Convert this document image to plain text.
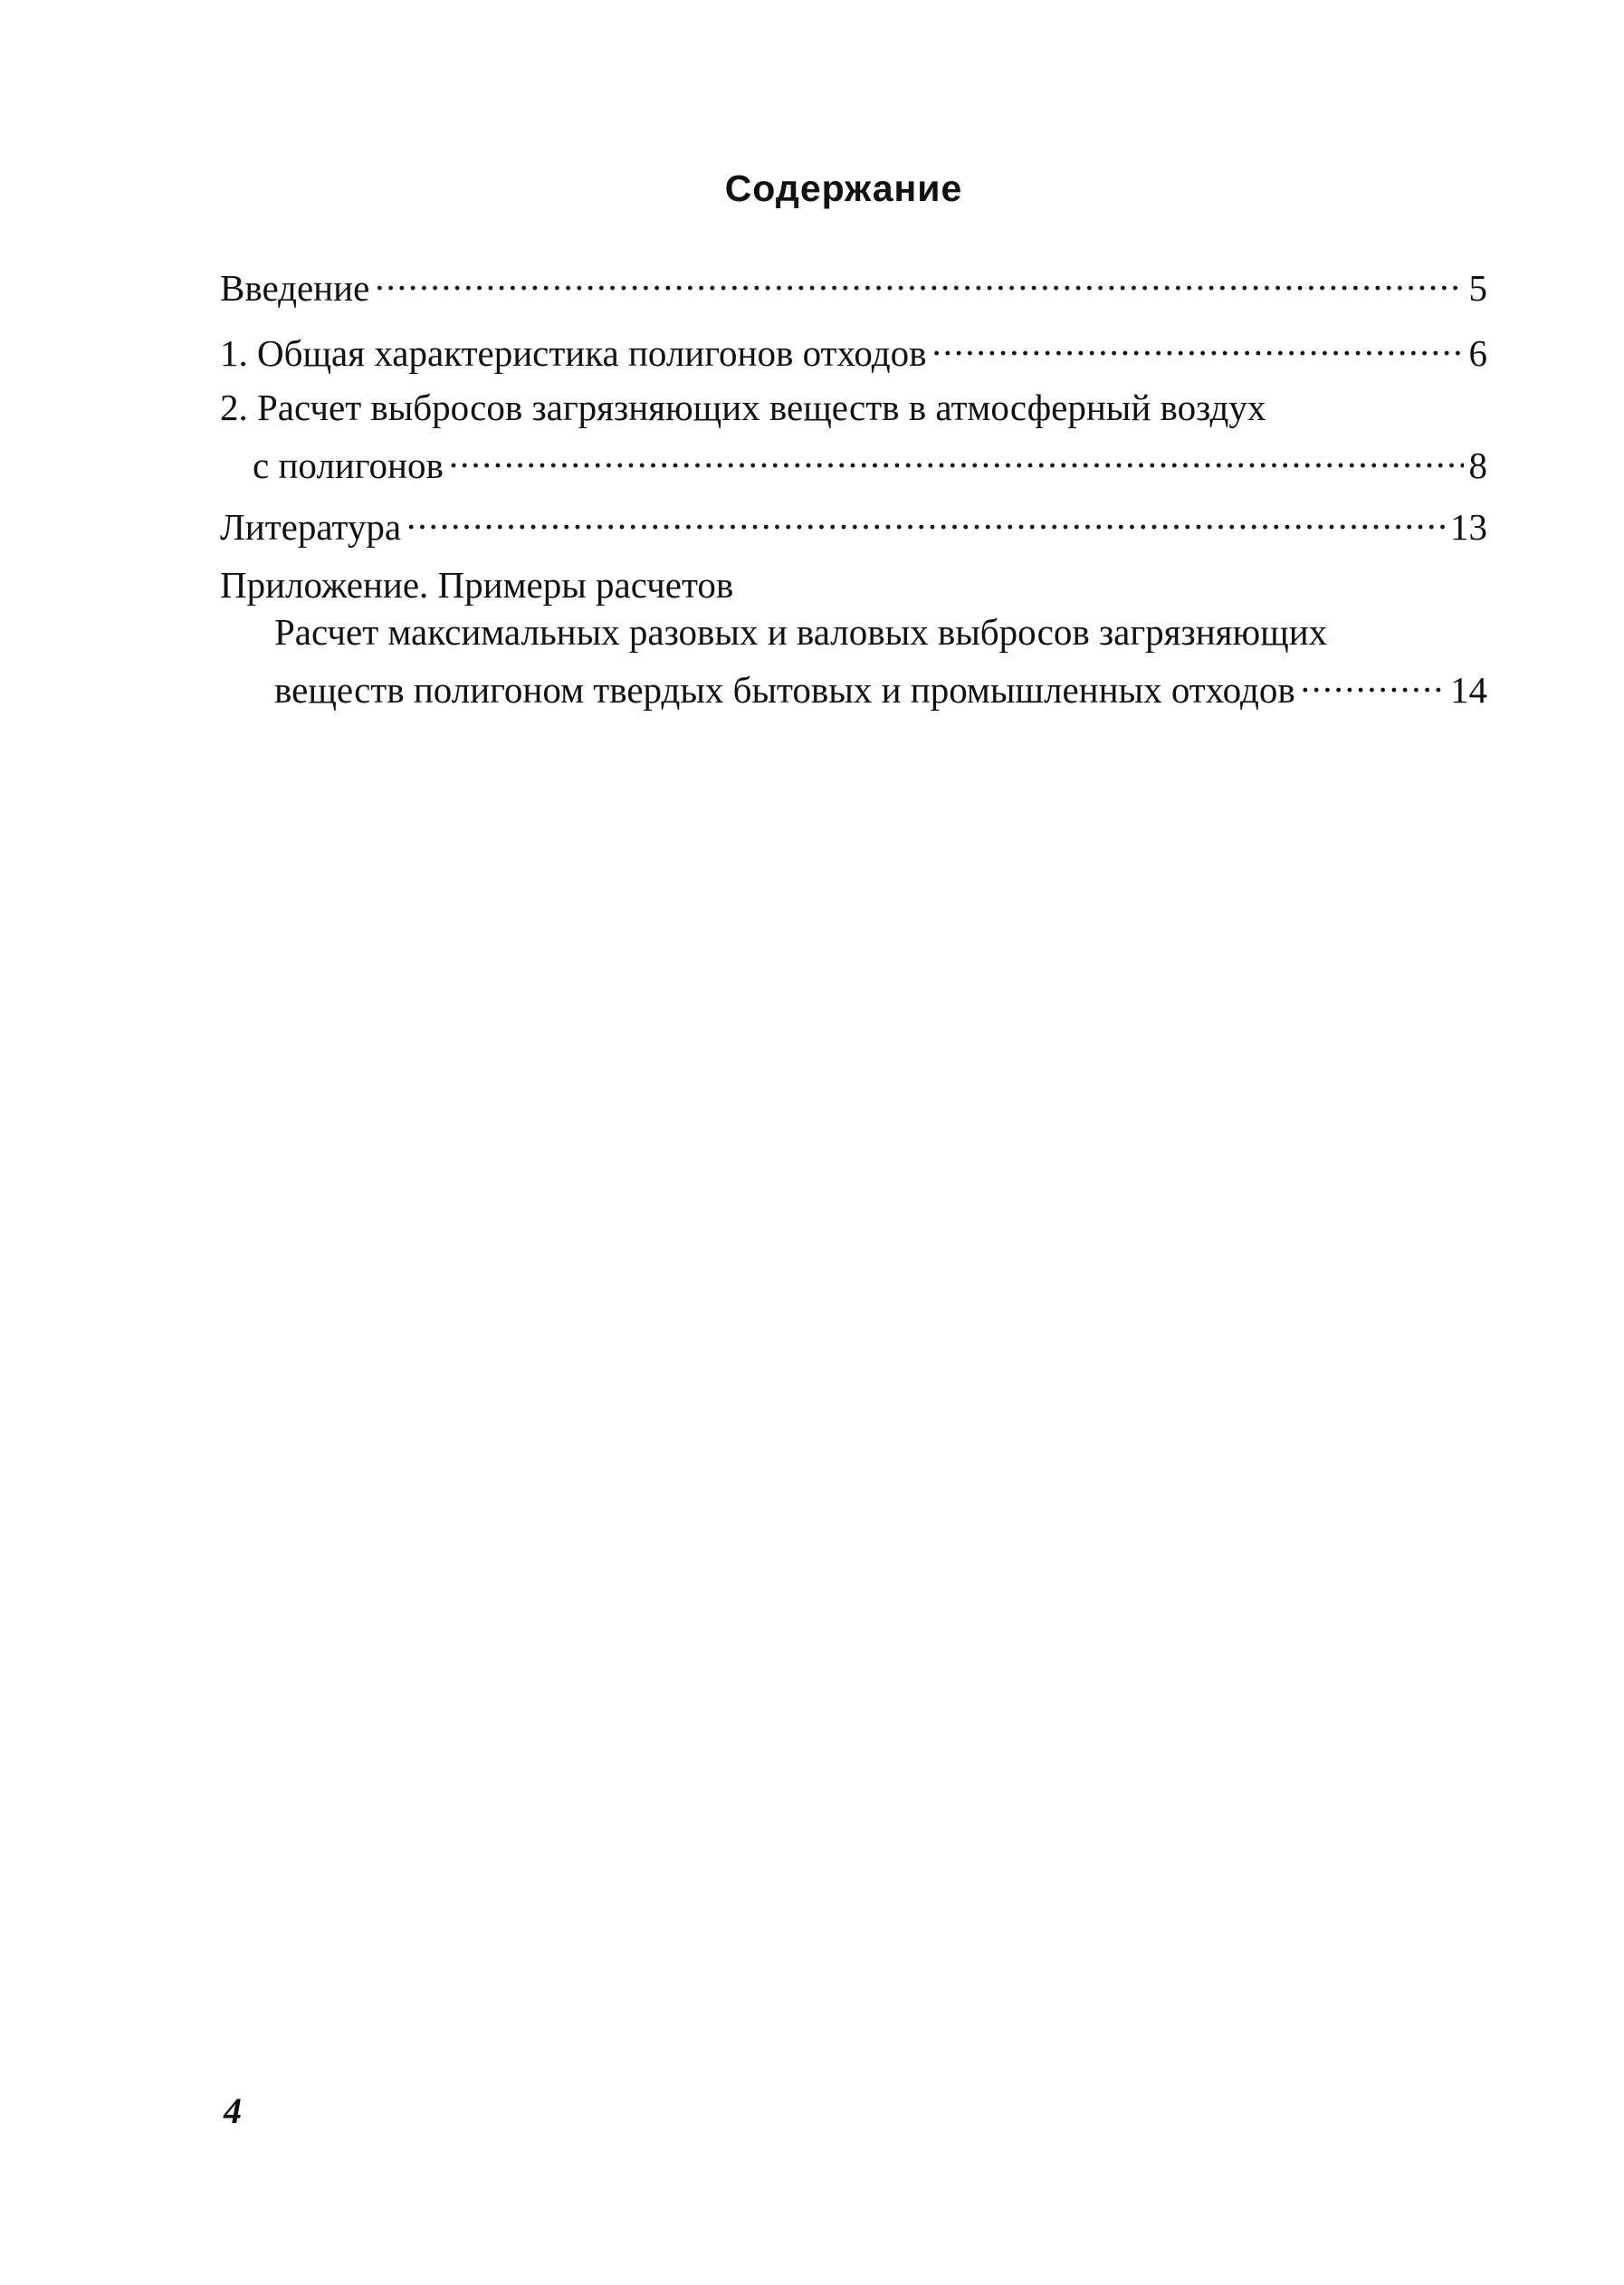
Содержание
Введение .....	5
1. Общая характеристика полигонов отходов .....	6
2. Расчет выбросов загрязняющих веществ в атмосферный воздух
с полигонов .....	8
Литература .....	13
Приложение. Примеры расчетов
Расчет максимальных разовых и валовых выбросов загрязняющих
веществ полигоном твердых бытовых и промышленных отходов .....	14
4
